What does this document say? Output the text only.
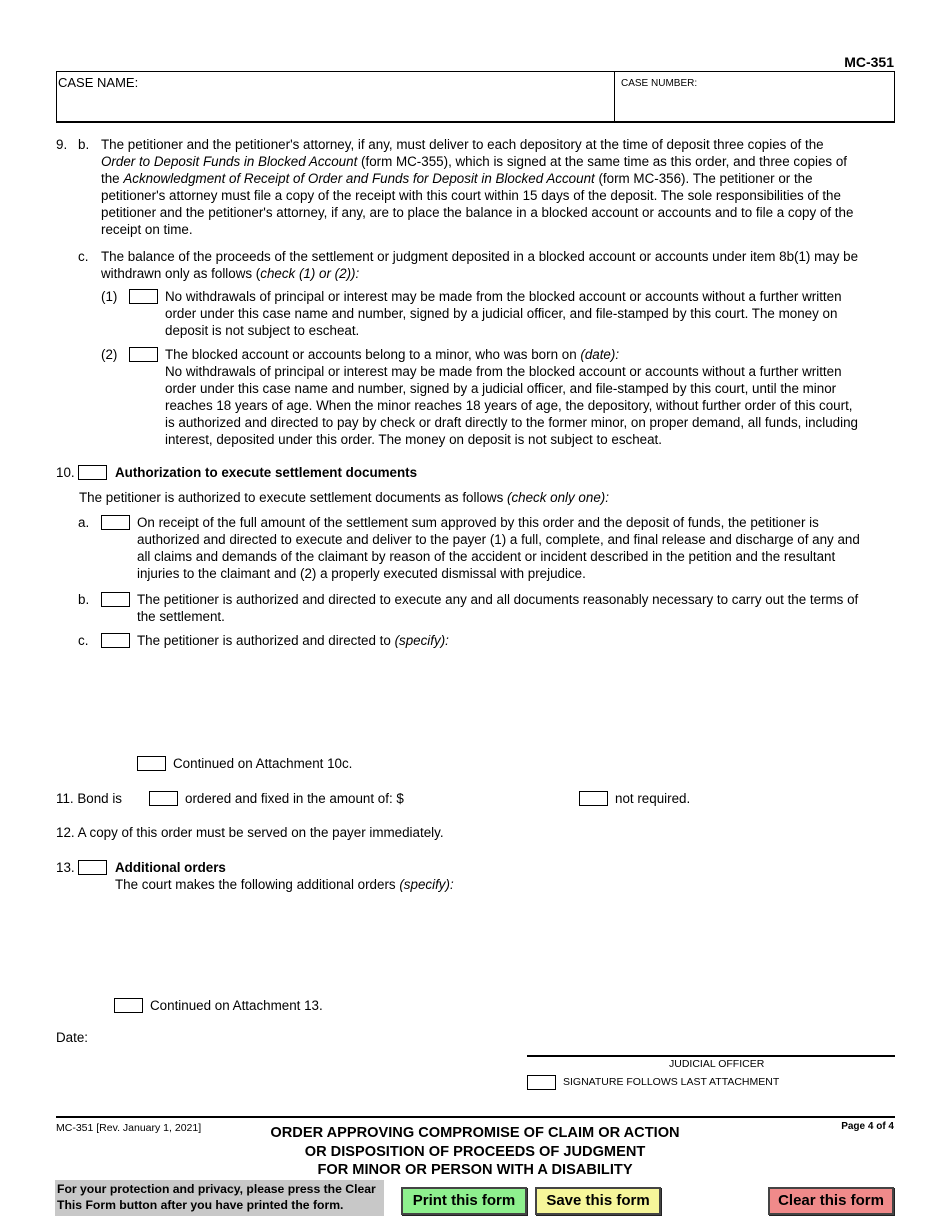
MC-351
CASE NAME:	CASE NUMBER:
9. b. The petitioner and the petitioner's attorney, if any, must deliver to each depository at the time of deposit three copies of the
Order to Deposit Funds in Blocked Account (form MC-355), which is signed at the same time as this order, and three copies of
the Acknowledgment of Receipt of Order and Funds for Deposit in Blocked Account (form MC-356). The petitioner or the
petitioner's attorney must file a copy of the receipt with this court within 15 days of the deposit. The sole responsibilities of the
petitioner and the petitioner's attorney, if any, are to place the balance in a blocked account or accounts and to file a copy of the
receipt on time.
c. The balance of the proceeds of the settlement or judgment deposited in a blocked account or accounts under item 8b(1) may be
withdrawn only as follows (check (1) or (2)):
(1)	No withdrawals of principal or interest may be made from the blocked account or accounts without a further written
order under this case name and number, signed by a judicial officer, and file-stamped by this court. The money on
deposit is not subject to escheat.
(2)	The blocked account or accounts belong to a minor, who was born on (date):
No withdrawals of principal or interest may be made from the blocked account or accounts without a further written
order under this case name and number, signed by a judicial officer, and file-stamped by this court, until the minor
reaches 18 years of age. When the minor reaches 18 years of age, the depository, without further order of this court,
is authorized and directed to pay by check or draft directly to the former minor, on proper demand, all funds, including
interest, deposited under this order. The money on deposit is not subject to escheat.
10.	Authorization to execute settlement documents
The petitioner is authorized to execute settlement documents as follows (check only one):
a.	On receipt of the full amount of the settlement sum approved by this order and the deposit of funds, the petitioner is
authorized and directed to execute and deliver to the payer (1) a full, complete, and final release and discharge of any and
all claims and demands of the claimant by reason of the accident or incident described in the petition and the resultant
injuries to the claimant and (2) a properly executed dismissal with prejudice.
b.	The petitioner is authorized and directed to execute any and all documents reasonably necessary to carry out the terms of
the settlement.
c.	The petitioner is authorized and directed to (specify):
Continued on Attachment 10c.
11. Bond is	ordered and fixed in the amount of: $	not required.
12. A copy of this order must be served on the payer immediately.
13.	Additional orders
The court makes the following additional orders (specify):
Continued on Attachment 13.
Date:
JUDICIAL OFFICER
SIGNATURE FOLLOWS LAST ATTACHMENT
MC-351 [Rev. January 1, 2021]	ORDER APPROVING COMPROMISE OF CLAIM OR ACTION
OR DISPOSITION OF PROCEEDS OF JUDGMENT
FOR MINOR OR PERSON WITH A DISABILITY
Page 4 of 4
For your protection and privacy, please press the Clear
This Form button after you have printed the form.	Print this form	Save this form	Clear this form
